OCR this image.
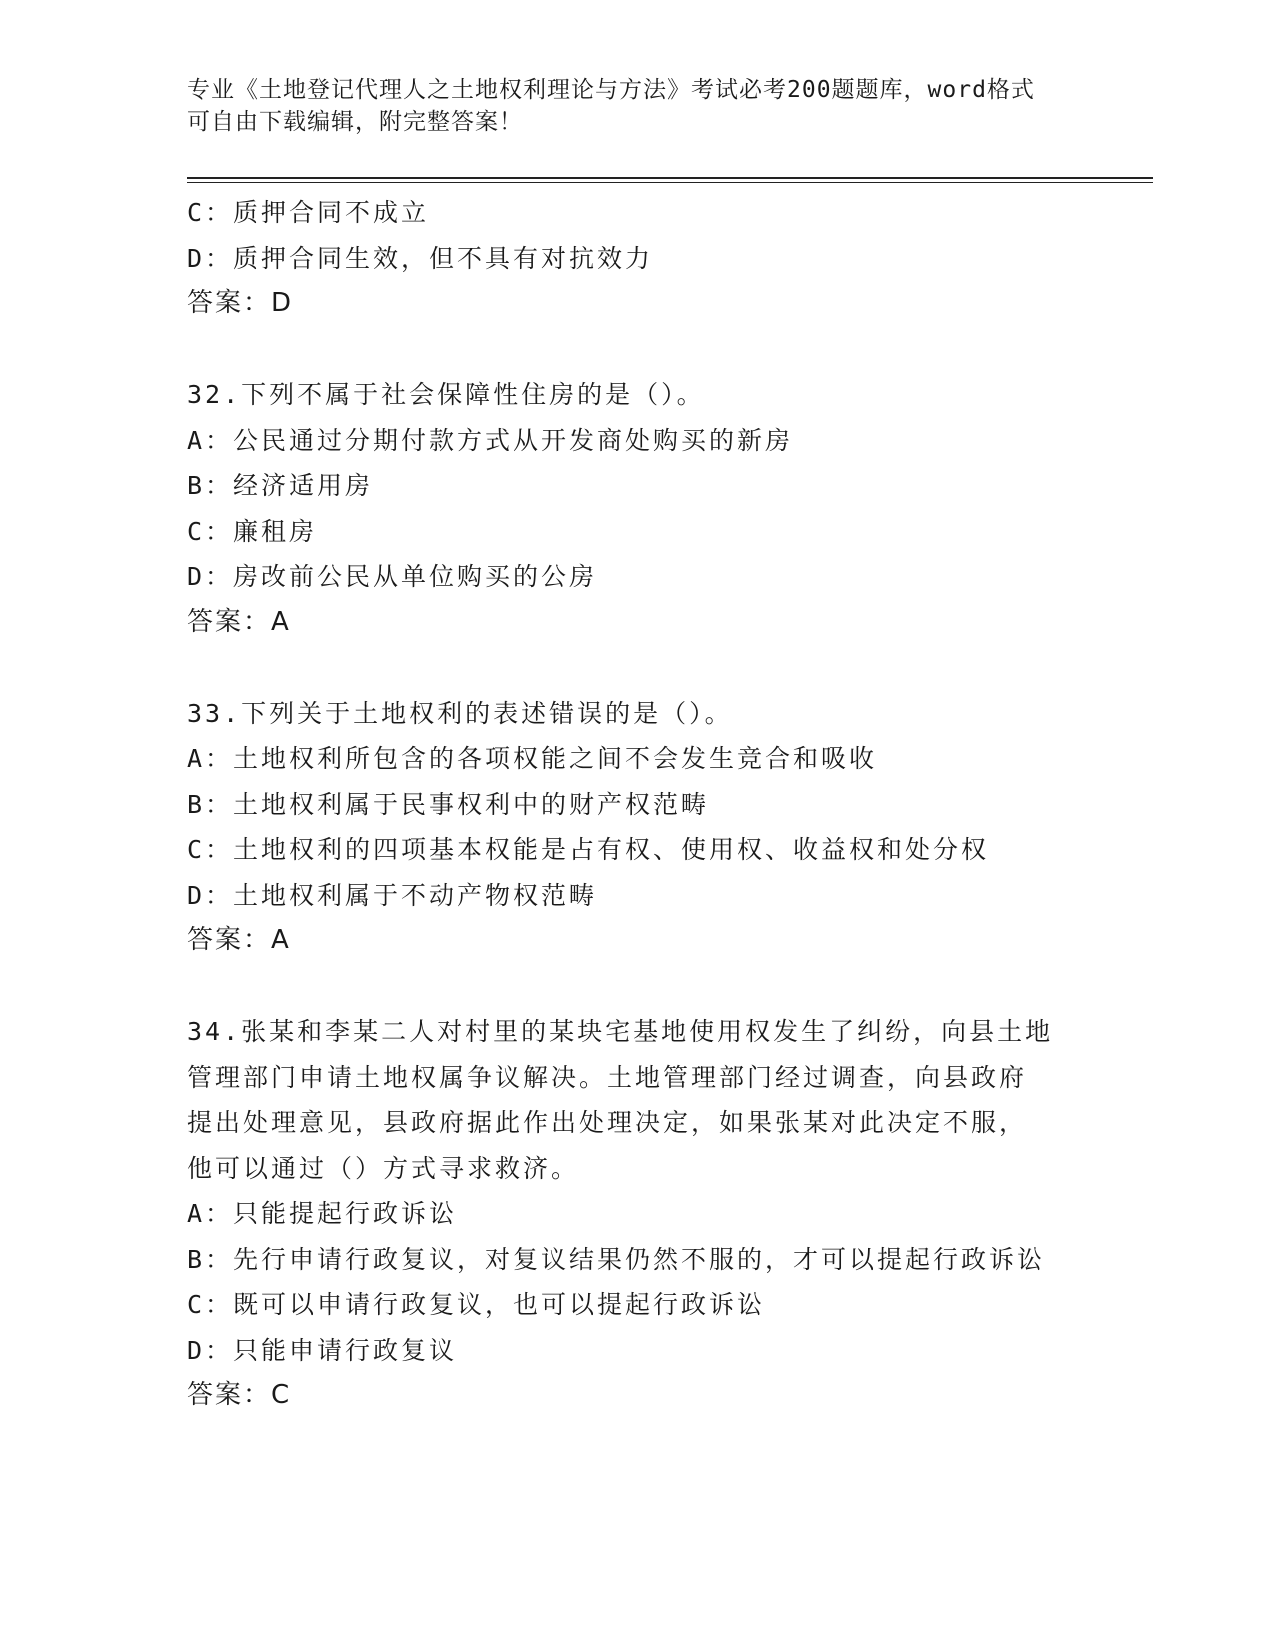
专业《土地登记代理人之土地权利理论与方法》考试必考200题题库，word格式
可自由下载编辑，附完整答案！
C：质押合同不成立
D：质押合同生效，但不具有对抗效力
答案：D
32.下列不属于社会保障性住房的是（）。
A：公民通过分期付款方式从开发商处购买的新房
B：经济适用房
C：廉租房
D：房改前公民从单位购买的公房
答案：A
33.下列关于土地权利的表述错误的是（）。
A：土地权利所包含的各项权能之间不会发生竞合和吸收
B：土地权利属于民事权利中的财产权范畴
C：土地权利的四项基本权能是占有权、使用权、收益权和处分权
D：土地权利属于不动产物权范畴
答案：A
34.张某和李某二人对村里的某块宅基地使用权发生了纠纷，向县土地
管理部门申请土地权属争议解决。土地管理部门经过调查，向县政府
提出处理意见，县政府据此作出处理决定，如果张某对此决定不服，
他可以通过（）方式寻求救济。
A：只能提起行政诉讼
B：先行申请行政复议，对复议结果仍然不服的，才可以提起行政诉讼
C：既可以申请行政复议，也可以提起行政诉讼
D：只能申请行政复议
答案：C
